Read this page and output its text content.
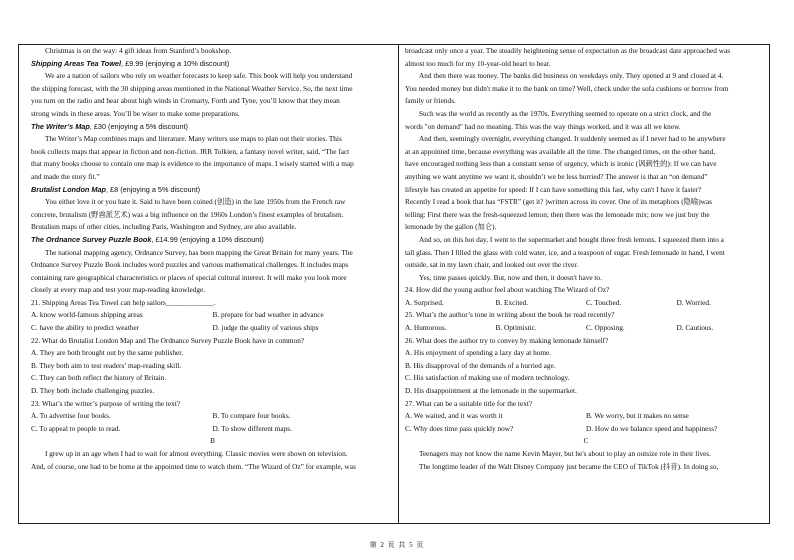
Christmas is on the way: 4 gift ideas from Stanford’s bookshop.
Shipping Areas Tea Towel, £9.99 (enjoying a 10% discount)
We are a nation of sailors who rely on weather forecasts to keep safe. This book will help you understand
the shipping forecast, with the 30 shipping areas mentioned in the National Weather Service. So, the next time
you turn on the radio and hear about high winds in Cromarty, Forth and Tyne, you’ll know that they mean
strong winds in these areas. You’ll be wiser to make some preparations.
The Writer’s Map, £30 (enjoying a 5% discount)
The Writer’s Map combines maps and literature. Many writers use maps to plan out their stories. This
book collects maps that appear in fiction and non-fiction. JRR Tolkien, a fantasy novel writer, said, “The fact
that many books choose to contain one map is evidence to the importance of maps. I wisely started with a map
and made the story fit.”
Brutalist London Map, £8 (enjoying a 5% discount)
You either love it or you hate it. Said to have been coined (创造) in the late 1950s from the French raw
concrete, brutalism (野兽派艺术) was a big influence on the 1960s London’s finest examples of brutalism.
Brutalism maps of other cities, including Paris, Washington and Sydney, are also available.
The Ordnance Survey Puzzle Book, £14.99 (enjoying a 10% discount)
The national mapping agency, Ordnance Survey, has been mapping the Great Britain for many years. The
Ordnance Survey Puzzle Book includes word puzzles and various mathematical challenges. It includes maps
containing rare geographical characteristics or places of special cultural interest. It will make you look more
closely at every map and test your map-reading knowledge.
21. Shipping Areas Tea Towel can help sailors_____________.
A. know world-famous shipping areas	B. prepare for bad weather in advance
C. have the ability to predict weather	D. judge the quality of various ships
22. What do Brutalist London Map and The Ordnance Survey Puzzle Book have in common?
A. They are both brought out by the same publisher.
B. They both aim to test readers’ map-reading skill.
C. They can both reflect the history of Britain.
D. They both include challenging puzzles.
23. What’s the writer’s purpose of writing the text?
A. To advertise four books.	B. To compare four books.
C. To appeal to people to read.	D. To show different maps.
B
I grew up in an age when I had to wait for almost everything. Classic movies were shown on television.
And, of course, one had to be home at the appointed time to watch them. “The Wizard of Oz” for example, was
broadcast only once a year. The steadily heightening sense of expectation as the broadcast date approached was
almost too much for my 10-year-old heart to bear.
And then there was money. The banks did business on weekdays only. They opened at 9 and closed at 4.
You needed money but didn't make it to the bank on time? Well, check under the sofa cushions or borrow from
family or friends.
Such was the world as recently as the 1970s. Everything seemed to operate on a strict clock, and the
words "on demand" had no meaning. This was the way things worked, and it was all we knew.
And then, seemingly overnight, everything changed. It suddenly seemed as if I never had to be anywhere
at an appointed time, because everything was available all the time. The changed times, on the other hand,
have encouraged nothing less than a constant sense of urgency, which is ironic (讽刺性的): If we can have
anything we want anytime we want it, shouldn’t we be less hurried? The answer is that an “on demand”
lifestyle has created an appetite for speed: If I can have something this fast, why can't I have it faster?
Recently I read a book that has “FSTR” (get it? )written across its cover. One of its metaphors (隐喻)was
telling: First there was the fresh-squeezed lemon; then there was the lemonade mix; now we just buy the
lemonade by the gallon (加仑).
And so, on this hot day, I went to the supermarket and bought three fresh lemons. I squeezed them into a
tall glass. Then I filled the glass with cold water, ice, and a teaspoon of sugar. Fresh lemonade in hand, I went
outside, sat in my lawn chair, and looked out over the river.
Yes, time passes quickly. But, now and then, it doesn't have to.
24. How did the young author feel about watching The Wizard of Oz?
A. Surprised.	B. Excited.	C. Touched.	D. Worried.
25. What’s the author’s tone in writing about the book he read recently?
A. Humorous.	B. Optimistic.	C. Opposing.	D. Cautious.
26. What does the author try to convey by making lemonade himself?
A. His enjoyment of spending a lazy day at home.
B. His disapproval of the demands of a hurried age.
C. His satisfaction of making use of modern technology.
D. His disappointment at the lemonade in the supermarket.
27. What can be a suitable title for the text?
A. We waited, and it was worth it	B. We worry, but it makes no sense
C. Why does time pass quickly now?	D. How do we balance speed and happiness?
C
Teenagers may not know the name Kevin Mayer, but he's about to play an outsize role in their lives.
The longtime leader of the Walt Disney Company just became the CEO of TikTok (抖音). In doing so,
第 2 页 共 5 页
